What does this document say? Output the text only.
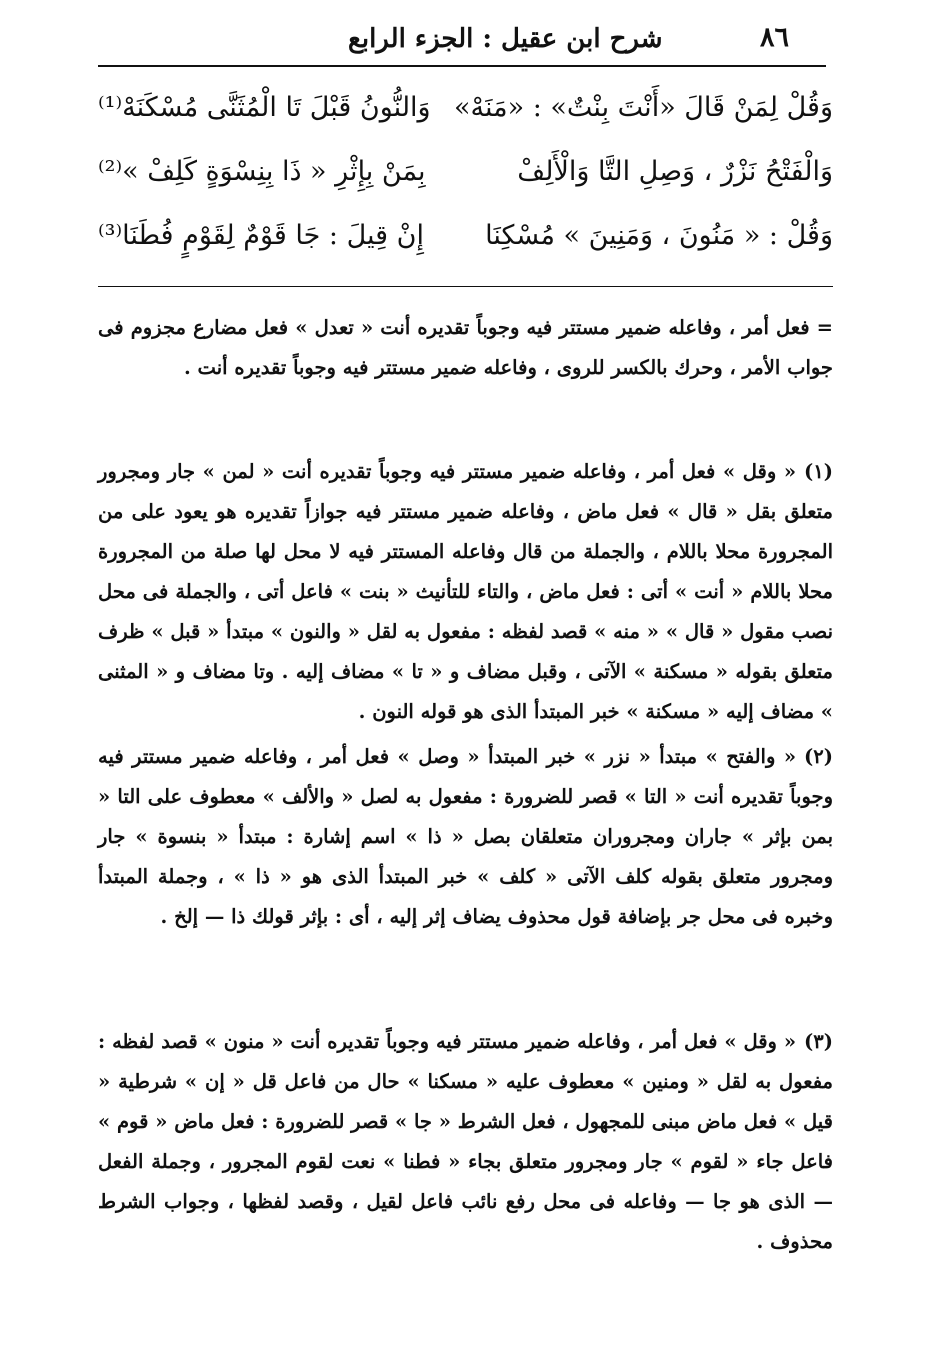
٨٦
شرح ابن عقيل : الجزء الرابع
وَقُلْ لِمَنْ قَالَ «أَنْتَ بِنْتٌ» : «مَنَهْ»
وَالنُّونُ قَبْلَ تَا الْمُثَنَّى مُسْكَنَهْ⁽¹⁾
وَالْفَتْحُ نَزْرٌ ، وَصِلِ التَّا وَالْأَلِفْ
بِمَنْ بِإِثْرِ « ذَا بِنِسْوَةٍ كَلِفْ »⁽²⁾
وَقُلْ : « مَنُونَ ، وَمَنِينَ » مُسْكِنَا
إِنْ قِيلَ : جَا قَوْمٌ لِقَوْمٍ فُطَنَا⁽³⁾

= فعل أمر ، وفاعله ضمير مستتر فيه وجوباً تقديره أنت « تعدل » فعل مضارع مجزوم فى جواب الأمر ، وحرك بالكسر للروى ، وفاعله ضمير مستتر فيه وجوباً تقديره أنت .

(١)« وقل » فعل أمر ، وفاعله ضمير مستتر فيه وجوباً تقديره أنت « لمن » جار ومجرور متعلق بقل « قال » فعل ماض ، وفاعله ضمير مستتر فيه جوازاً تقديره هو يعود على من المجرورة محلا باللام ، والجملة من قال وفاعله المستتر فيه لا محل لها صلة من المجرورة محلا باللام « أنت » أتى : فعل ماض ، والتاء للتأنيث « بنت » فاعل أتى ، والجملة فى محل نصب مقول « قال » « منه » قصد لفظه : مفعول به لقل « والنون » مبتدأ « قبل » ظرف متعلق بقوله « مسكنة » الآتى ، وقبل مضاف و « تا » مضاف إليه . وتا مضاف و « المثنى » مضاف إليه « مسكنة » خبر المبتدأ الذى هو قوله النون .

(٢)« والفتح » مبتدأ « نزر » خبر المبتدأ « وصل » فعل أمر ، وفاعله ضمير مستتر فيه وجوباً تقديره أنت « التا » قصر للضرورة : مفعول به لصل « والألف » معطوف على التا « بمن بإثر » جاران ومجروران متعلقان بصل « ذا » اسم إشارة : مبتدأ « بنسوة » جار ومجرور متعلق بقوله كلف الآتى « كلف » خبر المبتدأ الذى هو « ذا » ، وجملة المبتدأ وخبره فى محل جر بإضافة قول محذوف يضاف إثر إليه ، أى : بإثر قولك ذا — إلخ .

(٣)« وقل » فعل أمر ، وفاعله ضمير مستتر فيه وجوباً تقديره أنت « منون » قصد لفظه : مفعول به لقل « ومنين » معطوف عليه « مسكنا » حال من فاعل قل « إن » شرطية « قيل » فعل ماض مبنى للمجهول ، فعل الشرط « جا » قصر للضرورة : فعل ماض « قوم » فاعل جاء « لقوم » جار ومجرور متعلق بجاء « فطنا » نعت لقوم المجرور ، وجملة الفعل — الذى هو جا — وفاعله فى محل رفع نائب فاعل لقيل ، وقصد لفظها ، وجواب الشرط محذوف .
